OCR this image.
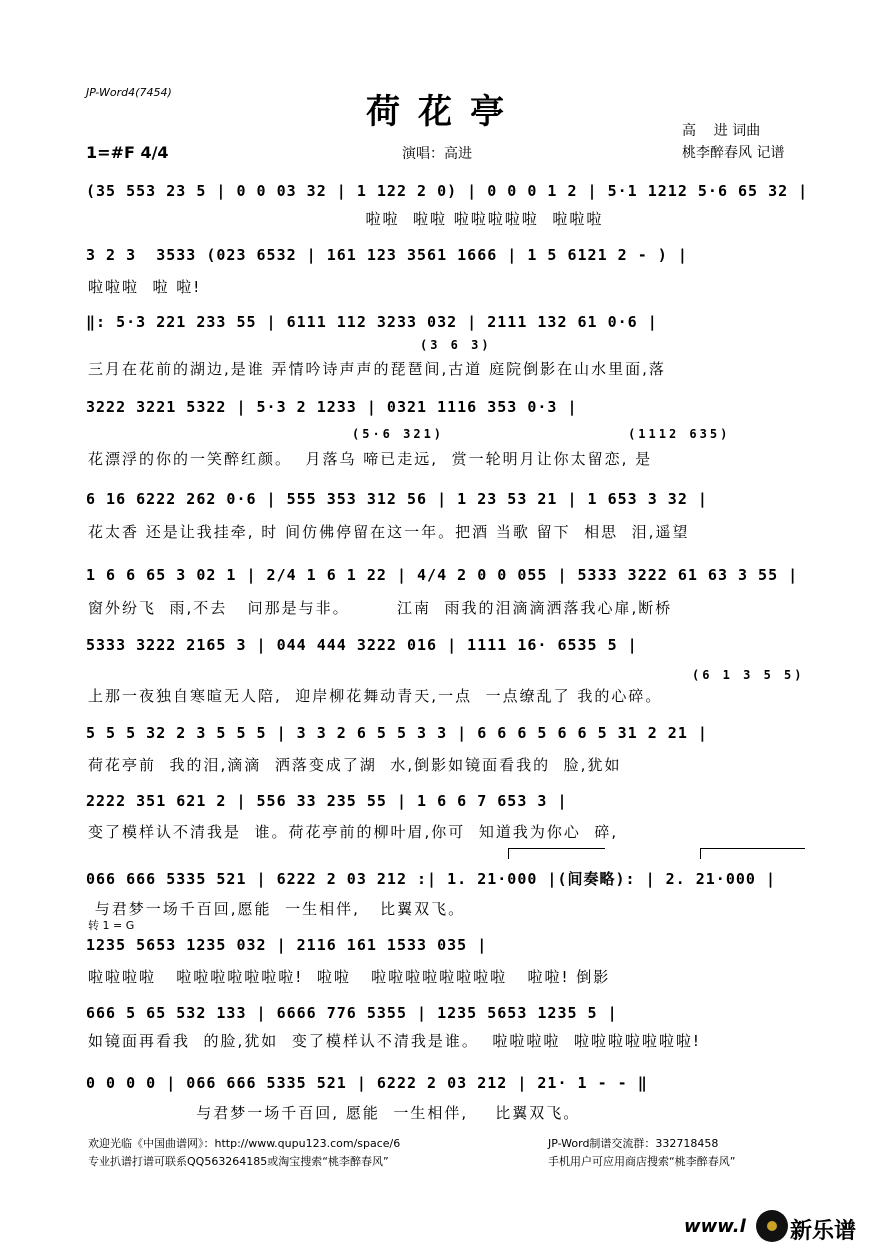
JP-Word4(7454)	荷花亭
1=#F 4/4	演唱：高进
高    进 词曲
桃李醉春风 记谱
(35 553 23 5 | 0 0 03 32 | 1 122 2 0) | 0 0 0 1 2 | 5·1 1212 5·6 65 32 |
啦啦  啦啦 啦啦啦啦啦  啦啦啦
3 2 3  3533 (023 6532 | 161 123 3561 1666 | 1 5 6121 2 - ) |
啦啦啦  啦 啦!
‖: 5·3 221 233 55 | 6111 112 3233 032 | 2111 132 61 0·6 |
(3 6 3)
三月在花前的湖边,是谁 弄情吟诗声声的琵琶间,古道 庭院倒影在山水里面,落
3222 3221 5322 | 5·3 2 1233 | 0321 1116 353 0·3 |
(5·6 321)                  (1112 635)
花漂浮的你的一笑醉红颜。  月落乌 啼已走远,  赏一轮明月让你太留恋, 是
6 16 6222 262 0·6 | 555 353 312 56 | 1 23 53 21 | 1 653 3 32 |
花太香 还是让我挂牵, 时 间仿佛停留在这一年。把酒 当歌 留下  相思  泪,遥望
1 6 6 65 3 02 1 | 2/4 1 6 1 22 | 4/4 2 0 0 055 | 5333 3222 61 63 3 55 |
窗外纷飞  雨,不去   问那是与非。       江南  雨我的泪滴滴洒落我心扉,断桥
5333 3222 2165 3 | 044 444 3222 016 | 1111 16· 6535 5 |
(6 1 3 5 5)
上那一夜独自寒暄无人陪,  迎岸柳花舞动青天,一点  一点缭乱了 我的心碎。
5 5 5 32 2 3 5 5 5 | 3 3 2 6 5 5 3 3 | 6 6 6 5 6 6 5 31 2 21 |
荷花亭前  我的泪,滴滴  洒落变成了湖  水,倒影如镜面看我的  脸,犹如
2222 351 621 2 | 556 33 235 55 | 1 6 6 7 653 3 |
变了模样认不清我是  谁。荷花亭前的柳叶眉,你可  知道我为你心  碎,
066 666 5335 521 | 6222 2 03 212 :| 1. 21·000 |(间奏略): | 2. 21·000 |
与君梦一场千百回,愿能  一生相伴,   比翼双飞。
转 1 = G
1235 5653 1235 032 | 2116 161 1533 035 |
啦啦啦啦   啦啦啦啦啦啦啦!  啦啦   啦啦啦啦啦啦啦啦   啦啦! 倒影
666 5 65 532 133 | 6666 776 5355 | 1235 5653 1235 5 |
如镜面再看我  的脸,犹如  变了模样认不清我是谁。  啦啦啦啦  啦啦啦啦啦啦啦!
0 0 0 0 | 066 666 5335 521 | 6222 2 03 212 | 21· 1 - - ‖
与君梦一场千百回, 愿能  一生相伴,    比翼双飞。
欢迎光临《中国曲谱网》：http://www.qupu123.com/space/6
专业扒谱打谱可联系QQ563264185或淘宝搜索“桃李醉春风”
JP-Word制谱交流群：332718458
手机用户可应用商店搜索“桃李醉春风”
www.l 新乐谱
